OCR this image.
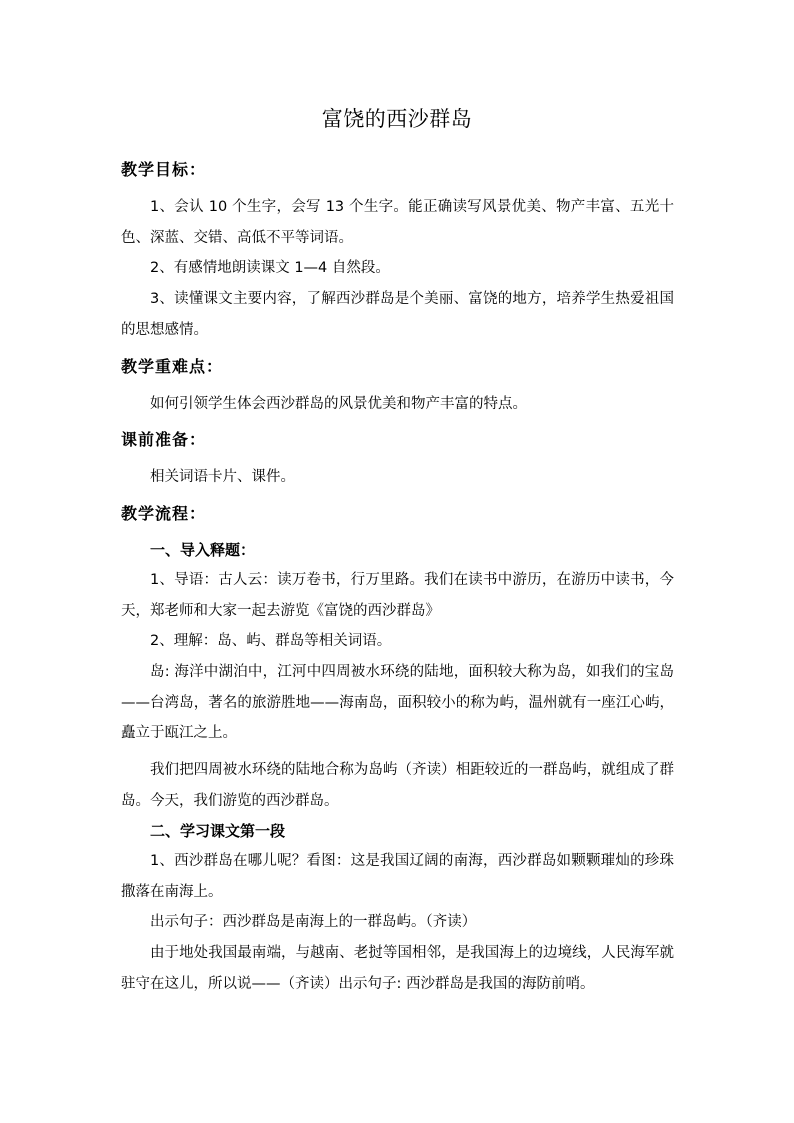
富饶的西沙群岛
教学目标：
1、会认 10 个生字，会写 13 个生字。能正确读写风景优美、物产丰富、五光十色、深蓝、交错、高低不平等词语。
2、有感情地朗读课文 1—4 自然段。
3、读懂课文主要内容，了解西沙群岛是个美丽、富饶的地方，培养学生热爱祖国的思想感情。
教学重难点：
如何引领学生体会西沙群岛的风景优美和物产丰富的特点。
课前准备：
相关词语卡片、课件。
教学流程：
一、导入释题：
1、导语：古人云：读万卷书，行万里路。我们在读书中游历，在游历中读书，今天，郑老师和大家一起去游览《富饶的西沙群岛》
2、理解：岛、屿、群岛等相关词语。
岛: 海洋中湖泊中，江河中四周被水环绕的陆地，面积较大称为岛，如我们的宝岛——台湾岛，著名的旅游胜地——海南岛，面积较小的称为屿，温州就有一座江心屿，矗立于瓯江之上。
我们把四周被水环绕的陆地合称为岛屿（齐读）相距较近的一群岛屿，就组成了群岛。今天，我们游览的西沙群岛。
二、学习课文第一段
1、西沙群岛在哪儿呢？看图：这是我国辽阔的南海，西沙群岛如颗颗璀灿的珍珠撒落在南海上。
出示句子：西沙群岛是南海上的一群岛屿。（齐读）
由于地处我国最南端，与越南、老挝等国相邻，是我国海上的边境线，人民海军就驻守在这儿，所以说——（齐读）出示句子: 西沙群岛是我国的海防前哨。
